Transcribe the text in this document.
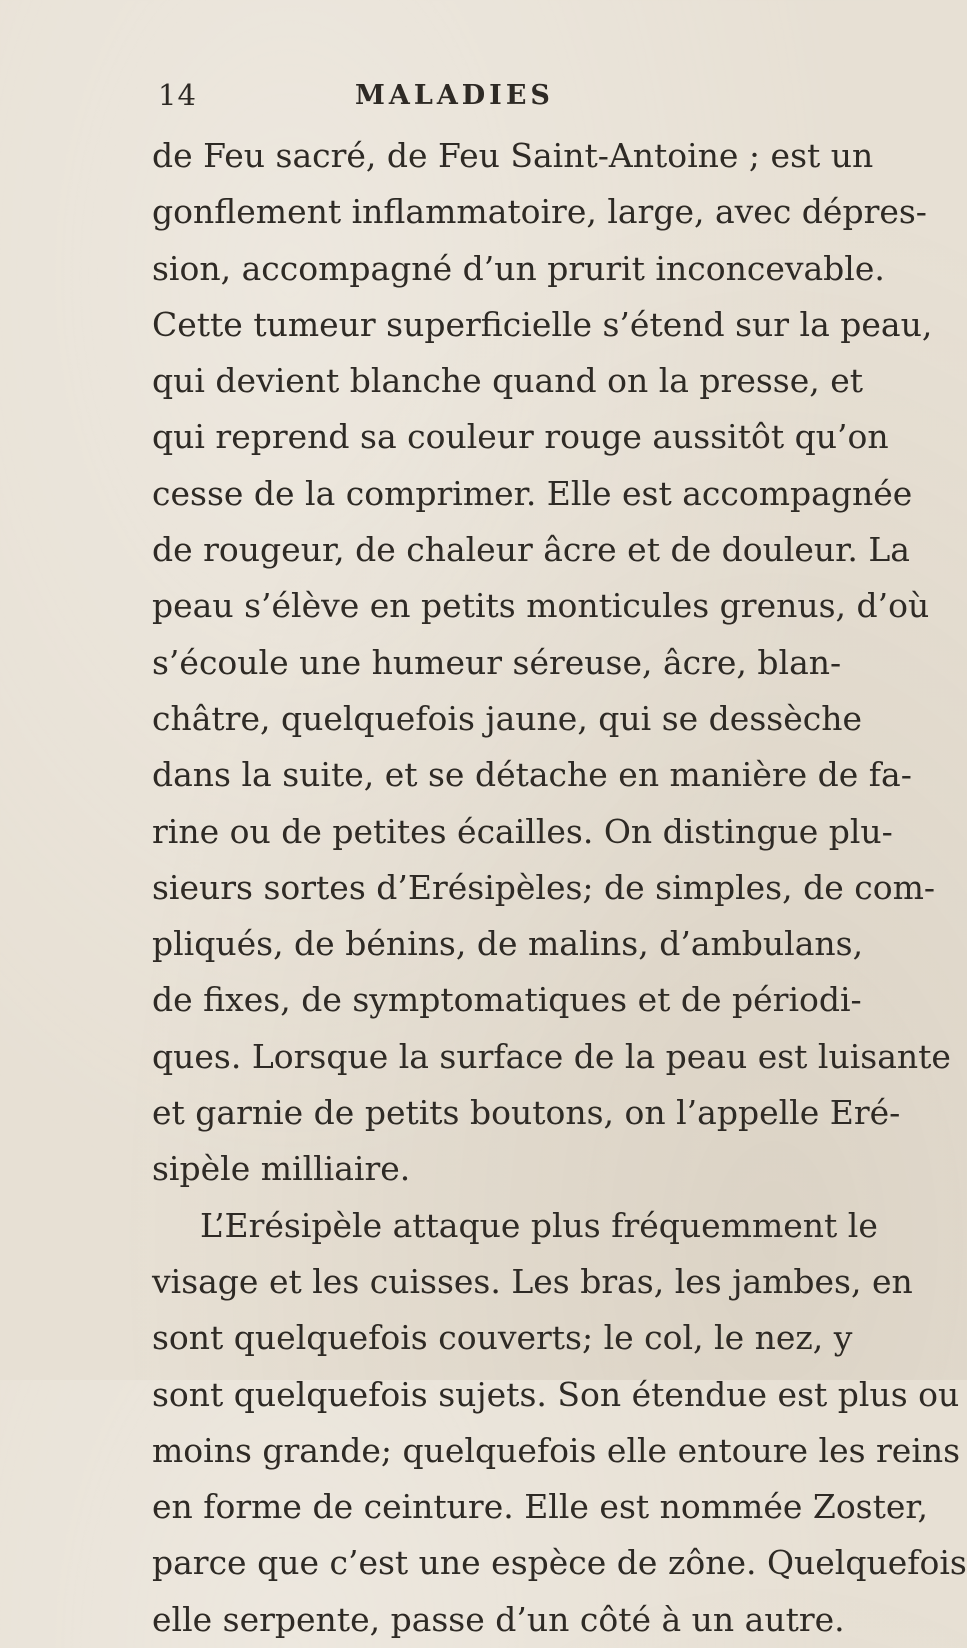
14	MALADIES
de Feu sacré, de Feu Saint-Antoine ; est un
gonflement inflammatoire, large, avec dépres-
sion, accompagné d’un prurit inconcevable.
Cette tumeur superficielle s’étend sur la peau,
qui devient blanche quand on la presse, et
qui reprend sa couleur rouge aussitôt qu’on
cesse de la comprimer. Elle est accompagnée
de rougeur, de chaleur âcre et de douleur. La
peau s’élève en petits monticules grenus, d’où
s’écoule une humeur séreuse, âcre, blan-
châtre, quelquefois jaune, qui se dessèche
dans la suite, et se détache en manière de fa-
rine ou de petites écailles. On distingue plu-
sieurs sortes d’Erésipèles; de simples, de com-
pliqués, de bénins, de malins, d’ambulans,
de fixes, de symptomatiques et de périodi-
ques. Lorsque la surface de la peau est luisante
et garnie de petits boutons, on l’appelle Eré-
sipèle milliaire.
L’Erésipèle attaque plus fréquemment le
visage et les cuisses. Les bras, les jambes, en
sont quelquefois couverts; le col, le nez, y
sont quelquefois sujets. Son étendue est plus ou
moins grande; quelquefois elle entoure les reins
en forme de ceinture. Elle est nommée Zoster,
parce que c’est une espèce de zône. Quelquefois
elle serpente, passe d’un côté à un autre.
